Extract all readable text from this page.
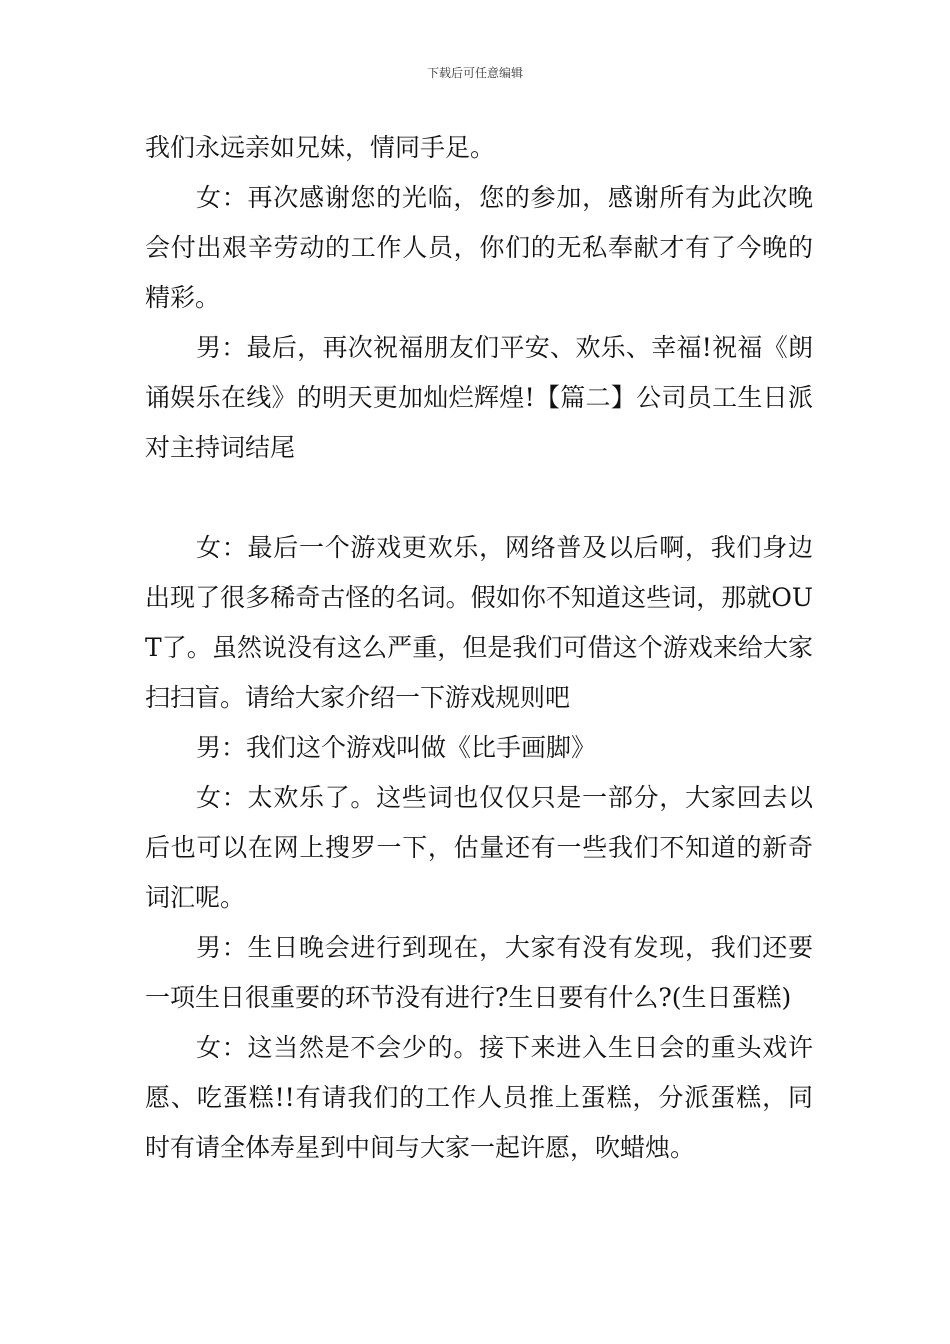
下载后可任意编辑

我们永远亲如兄妹，情同手足。

女：再次感谢您的光临，您的参加，感谢所有为此次晚会付出艰辛劳动的工作人员，你们的无私奉献才有了今晚的精彩。

男：最后，再次祝福朋友们平安、欢乐、幸福!祝福《朗诵娱乐在线》的明天更加灿烂辉煌!【篇二】公司员工生日派对主持词结尾

女：最后一个游戏更欢乐，网络普及以后啊，我们身边出现了很多稀奇古怪的名词。假如你不知道这些词，那就OUT了。虽然说没有这么严重，但是我们可借这个游戏来给大家扫扫盲。请给大家介绍一下游戏规则吧

男：我们这个游戏叫做《比手画脚》

女：太欢乐了。这些词也仅仅只是一部分，大家回去以后也可以在网上搜罗一下，估量还有一些我们不知道的新奇词汇呢。

男：生日晚会进行到现在，大家有没有发现，我们还要一项生日很重要的环节没有进行?生日要有什么?(生日蛋糕)

女：这当然是不会少的。接下来进入生日会的重头戏许愿、吃蛋糕!!有请我们的工作人员推上蛋糕，分派蛋糕，同时有请全体寿星到中间与大家一起许愿，吹蜡烛。
